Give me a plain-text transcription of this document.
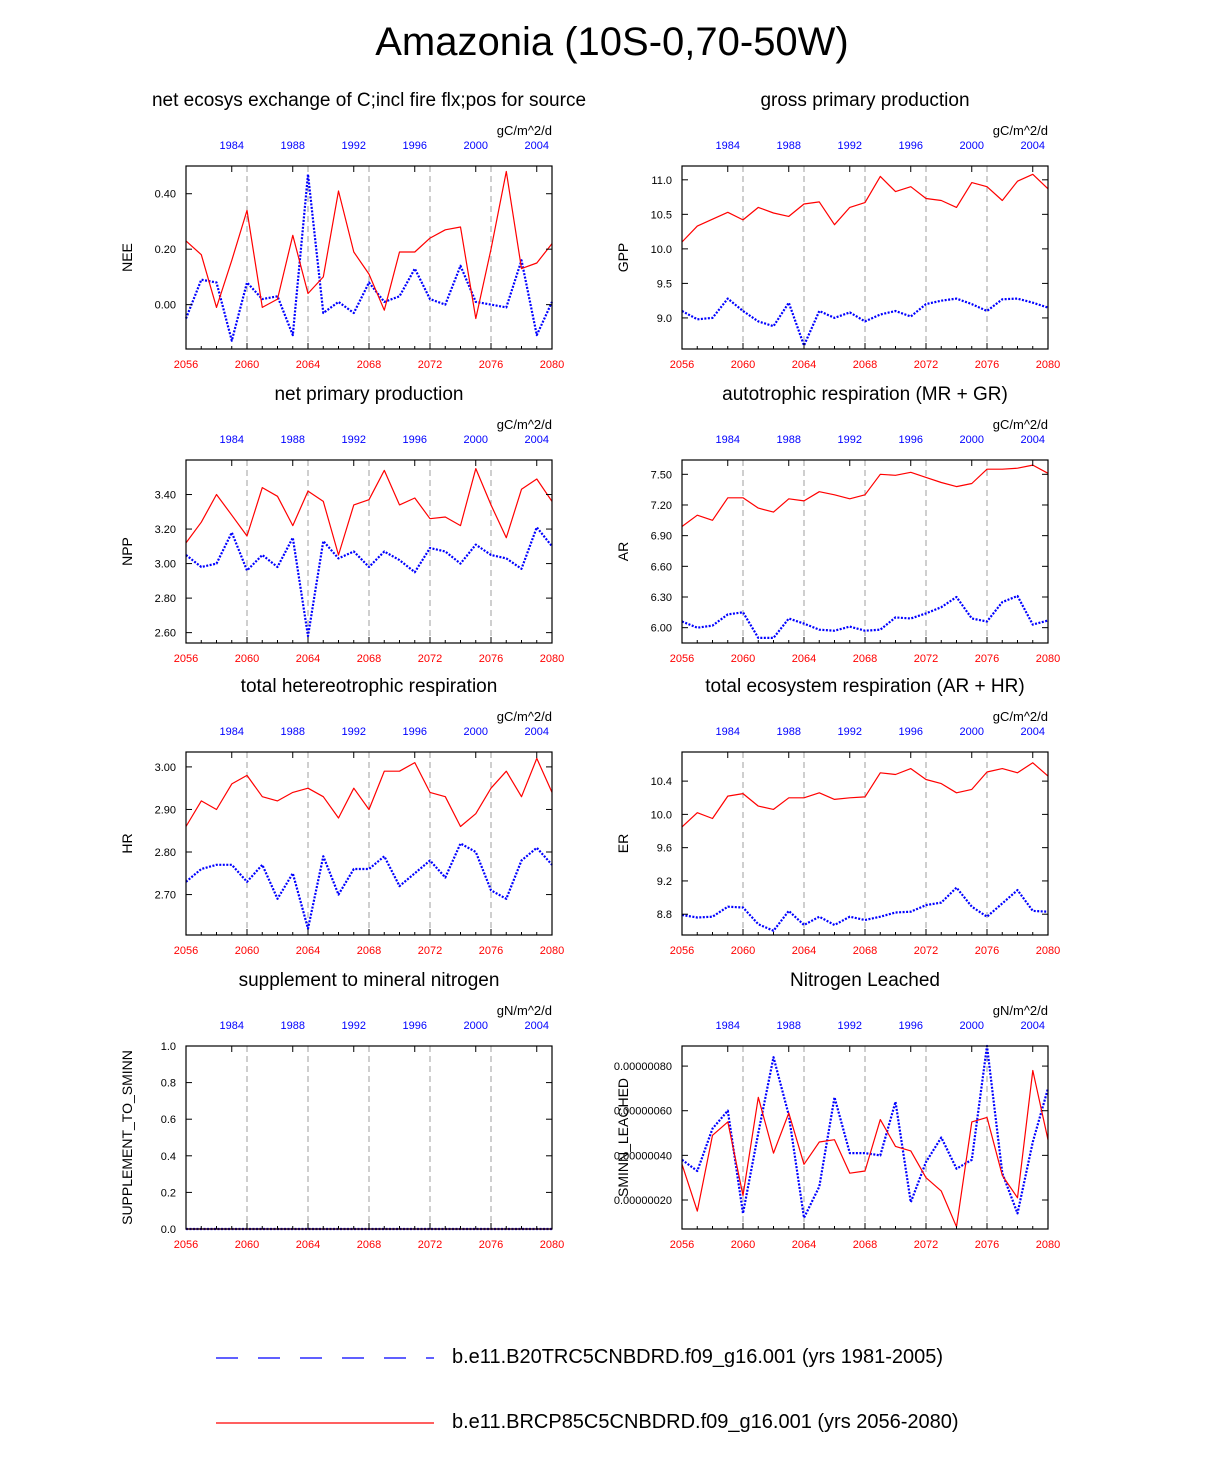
Amazonia (10S-0,70-50W)
net ecosys exchange of C;incl fire flx;pos for source
gC/m^2/d
0.00
0.20
0.40
NEE
2056	2060	2064	2068	2072	2076	2080
1984	1988	1992	1996	2000	2004
gross primary production
gC/m^2/d
9.0
9.5
10.0
10.5
11.0
GPP
2056	2060	2064	2068	2072	2076	2080
1984	1988	1992	1996	2000	2004
net primary production
gC/m^2/d
2.60
2.80
3.00
3.20
3.40
NPP
2056	2060	2064	2068	2072	2076	2080
1984	1988	1992	1996	2000	2004
autotrophic respiration (MR + GR)
gC/m^2/d
6.00
6.30
6.60
6.90
7.20
7.50
AR
2056	2060	2064	2068	2072	2076	2080
1984	1988	1992	1996	2000	2004
total hetereotrophic respiration
gC/m^2/d
2.70
2.80
2.90
3.00
HR
2056	2060	2064	2068	2072	2076	2080
1984	1988	1992	1996	2000	2004
total ecosystem respiration (AR + HR)
gC/m^2/d
8.8
9.2
9.6
10.0
10.4
ER
2056	2060	2064	2068	2072	2076	2080
1984	1988	1992	1996	2000	2004
supplement to mineral nitrogen
gN/m^2/d
0.0
0.2
0.4
0.6
0.8
1.0
SUPPLEMENT_TO_SMINN
2056	2060	2064	2068	2072	2076	2080
1984	1988	1992	1996	2000	2004
Nitrogen Leached
gN/m^2/d
0.00000020
0.00000040
0.00000060
0.00000080
SMINN_LEACHED
2056	2060	2064	2068	2072	2076	2080
1984	1988	1992	1996	2000	2004
b.e11.B20TRC5CNBDRD.f09_g16.001 (yrs 1981-2005)
b.e11.BRCP85C5CNBDRD.f09_g16.001 (yrs 2056-2080)
